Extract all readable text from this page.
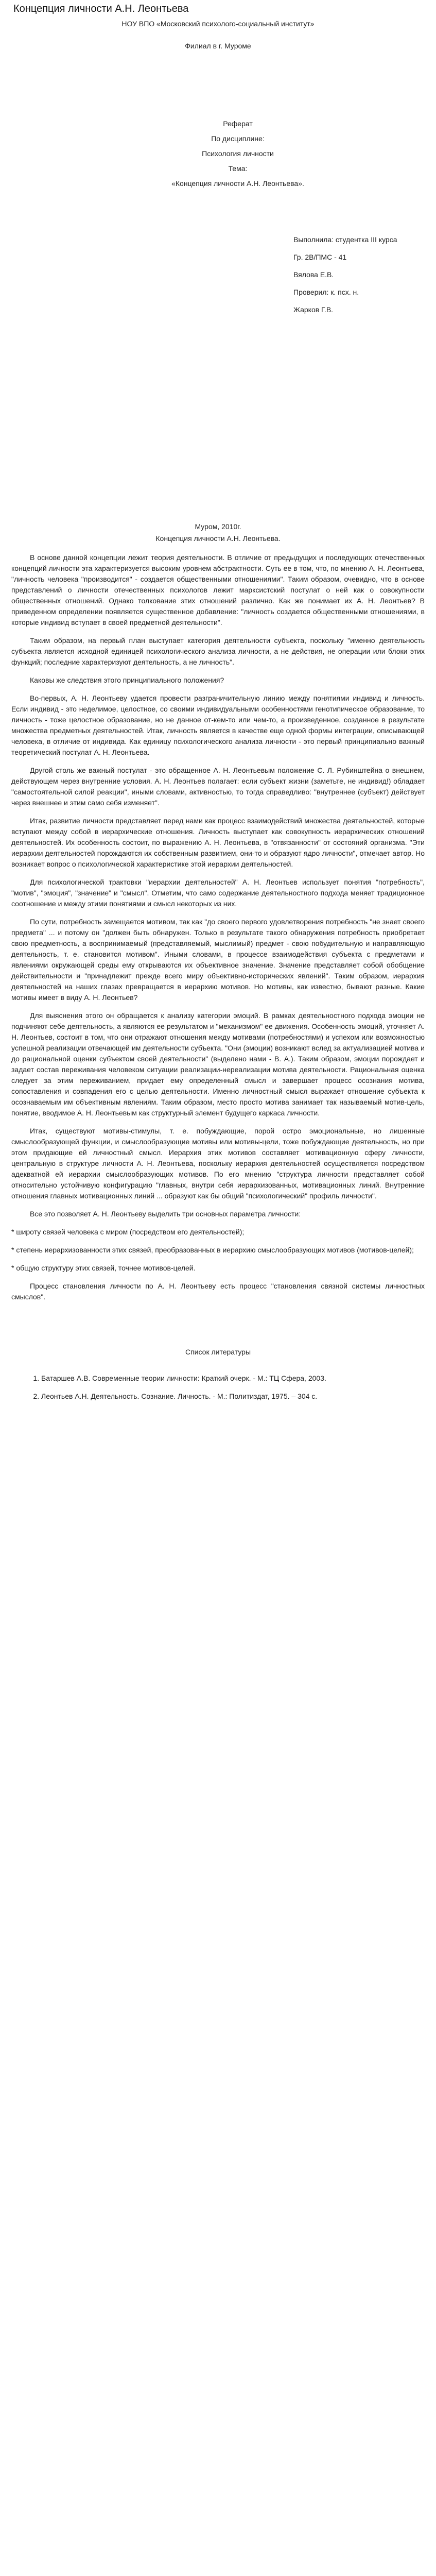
Концепция личности А.Н. Леонтьева

НОУ ВПО «Московский психолого-социальный институт»

Филиал в г. Муроме

Реферат

По дисциплине:

Психология личности

Тема:

«Концепция личности А.Н. Леонтьева».

Выполнила: студентка III курса

Гр. 2В/ПМС - 41

Вялова Е.В.

Проверил: к. псх. н.

Жарков Г.В.

Муром, 2010г.

Концепция личности А.Н. Леонтьева.

В основе данной концепции лежит теория деятельности. В отличие от предыдущих и последующих отечественных концепций личности эта характеризуется высоким уровнем абстрактности. Суть ее в том, что, по мнению А. Н. Леонтьева, "личность человека "производится" - создается общественными отношениями". Таким образом, очевидно, что в основе представлений о личности отечественных психологов лежит марксистский постулат о ней как о совокупности общественных отношений. Однако толкование этих отношений различно. Как же понимает их А. Н. Леонтьев? В приведенном определении появляется существенное добавление: "личность создается общественными отношениями, в которые индивид вступает в своей предметной деятельности".

Таким образом, на первый план выступает категория деятельности субъекта, поскольку "именно деятельность субъекта является исходной единицей психологического анализа личности, а не действия, не операции или блоки этих функций; последние характеризуют деятельность, а не личность".

Каковы же следствия этого принципиального положения?

Во-первых, А. Н. Леонтьеву удается провести разграничительную линию между понятиями индивид и личность. Если индивид - это неделимое, целостное, со своими индивидуальными особенностями генотипическое образование, то личность - тоже целостное образование, но не данное от-кем-то или чем-то, а произведенное, созданное в результате множества предметных деятельностей. Итак, личность является в качестве еще одной формы интеграции, описывающей человека, в отличие от индивида. Как единицу психологического анализа личности - это первый принципиально важный теоретический постулат А. Н. Леонтьева.

Другой столь же важный постулат - это обращенное А. Н. Леонтьевым положение С. Л. Рубинштейна о внешнем, действующем через внутренние условия. А. Н. Леонтьев полагает: если субъект жизни (заметьте, не индивид!) обладает "самостоятельной силой реакции", иными словами, активностью, то тогда справедливо: "внутреннее (субъект) действует через внешнее и этим само себя изменяет".

Итак, развитие личности представляет перед нами как процесс взаимодействий множества деятельностей, которые вступают между собой в иерархические отношения. Личность выступает как совокупность иерархических отношений деятельностей. Их особенность состоит, по выражению А. Н. Леонтьева, в "отвязанности" от состояний организма. "Эти иерархии деятельностей порождаются их собственным развитием, они-то и образуют ядро личности", отмечает автор. Но возникает вопрос о психологической характеристике этой иерархии деятельностей.

Для психологической трактовки "иерархии деятельностей" А. Н. Леонтьев использует понятия "потребность", "мотив", "эмоция", "значение" и "смысл". Отметим, что само содержание деятельностного подхода меняет традиционное соотношение и между этими понятиями и смысл некоторых из них.

По сути, потребность замещается мотивом, так как "до своего первого удовлетворения потребность "не знает своего предмета" ... и потому он "должен быть обнаружен. Только в результате такого обнаружения потребность приобретает свою предметность, а воспринимаемый (представляемый, мыслимый) предмет - свою побудительную и направляющую деятельность, т. е. становится мотивом". Иными словами, в процессе взаимодействия субъекта с предметами и явлениями окружающей среды ему открываются их объективное значение. Значение представляет собой обобщение действительности и "принадлежит прежде всего миру объективно-исторических явлений". Таким образом, иерархия деятельностей на наших глазах превращается в иерархию мотивов. Но мотивы, как известно, бывают разные. Какие мотивы имеет в виду А. Н. Леонтьев?

Для выяснения этого он обращается к анализу категории эмоций. В рамках деятельностного подхода эмоции не подчиняют себе деятельность, а являются ее результатом и "механизмом" ее движения. Особенность эмоций, уточняет А. Н. Леонтьев, состоит в том, что они отражают отношения между мотивами (потребностями) и успехом или возможностью успешной реализации отвечающей им деятельности субъекта. "Они (эмоции) возникают вслед за актуализацией мотива и до рациональной оценки субъектом своей деятельности" (выделено нами - В. А.). Таким образом, эмоции порождает и задает состав переживания человеком ситуации реализации-нереализации мотива деятельности. Рациональная оценка следует за этим переживанием, придает ему определенный смысл и завершает процесс осознания мотива, сопоставления и совпадения его с целью деятельности. Именно личностный смысл выражает отношение субъекта к осознаваемым им объективным явлениям. Таким образом, место просто мотива занимает так называемый мотив-цель, понятие, вводимое А. Н. Леонтьевым как структурный элемент будущего каркаса личности.

Итак, существуют мотивы-стимулы, т. е. побуждающие, порой остро эмоциональные, но лишенные смыслообразующей функции, и смыслообразующие мотивы или мотивы-цели, тоже побуждающие деятельность, но при этом придающие ей личностный смысл. Иерархия этих мотивов составляет мотивационную сферу личности, центральную в структуре личности А. Н. Леонтьева, поскольку иерархия деятельностей осуществляется посредством адекватной ей иерархии смыслообразующих мотивов. По его мнению "структура личности представляет собой относительно устойчивую конфигурацию "главных, внутри себя иерархизованных, мотивационных линий. Внутренние отношения главных мотивационных линий ... образуют как бы общий "психологический" профиль личности".

Все это позволяет А. Н. Леонтьеву выделить три основных параметра личности:

* широту связей человека с миром (посредством его деятельностей);

* степень иерархизованности этих связей, преобразованных в иерархию смыслообразующих мотивов (мотивов-целей);

* общую структуру этих связей, точнее мотивов-целей.

Процесс становления личности по А. Н. Леонтьеву есть процесс "становления связной системы личностных смыслов".

Список литературы

1. Батаршев А.В. Современные теории личности: Краткий очерк. - М.: ТЦ Сфера, 2003.
2. Леонтьев А.Н. Деятельность. Сознание. Личность. - М.: Политиздат, 1975. – 304 с.
